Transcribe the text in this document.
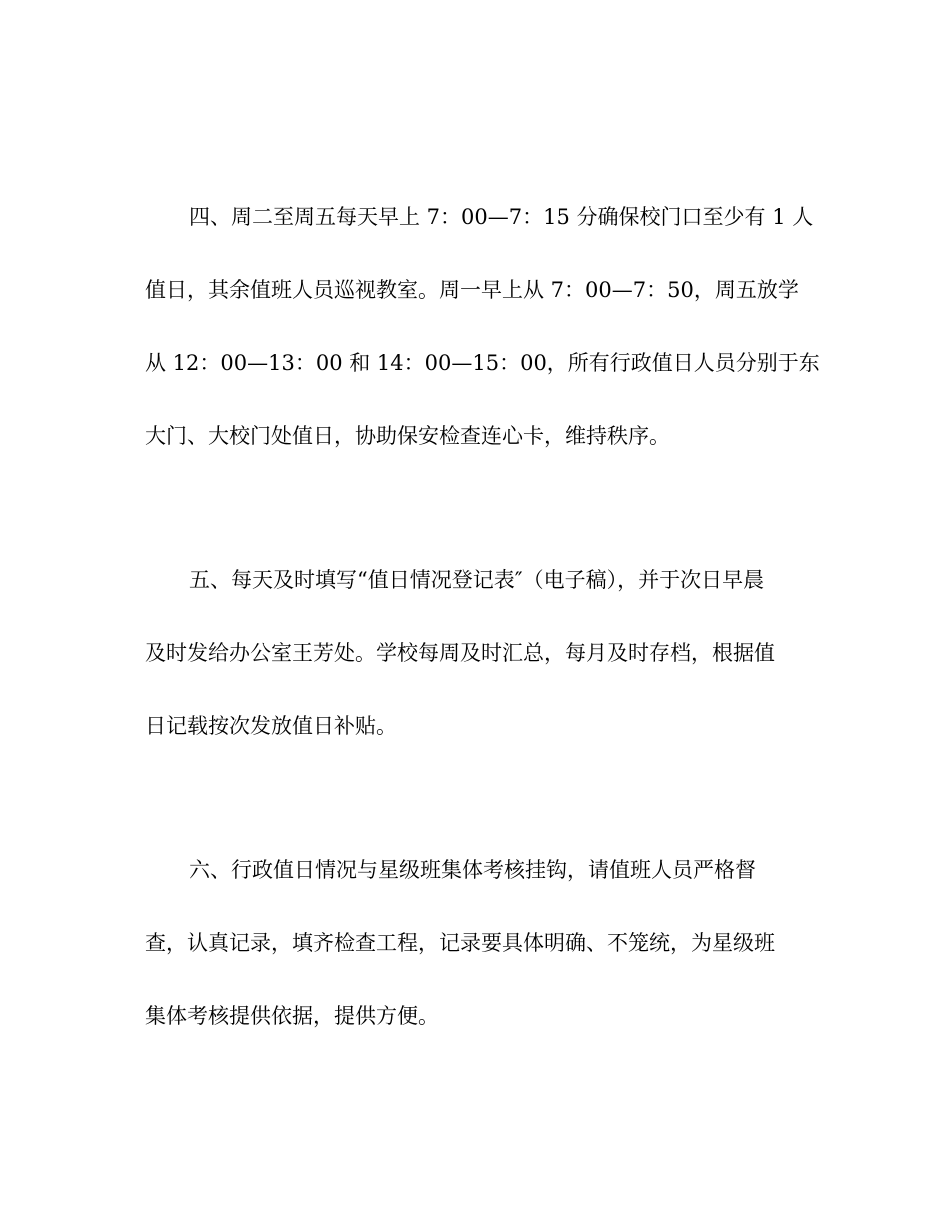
四、周二至周五每天早上 7：00—7：15 分确保校门口至少有 1 人
值日，其余值班人员巡视教室。周一早上从 7：00—7：50，周五放学
从 12：00—13：00 和 14：00—15：00，所有行政值日人员分别于东
大门、大校门处值日，协助保安检查连心卡，维持秩序。
五、每天及时填写“值日情况登记表″（电子稿），并于次日早晨
及时发给办公室王芳处。学校每周及时汇总，每月及时存档，根据值
日记载按次发放值日补贴。
六、行政值日情况与星级班集体考核挂钩，请值班人员严格督
查，认真记录，填齐检查工程，记录要具体明确、不笼统，为星级班
集体考核提供依据，提供方便。
